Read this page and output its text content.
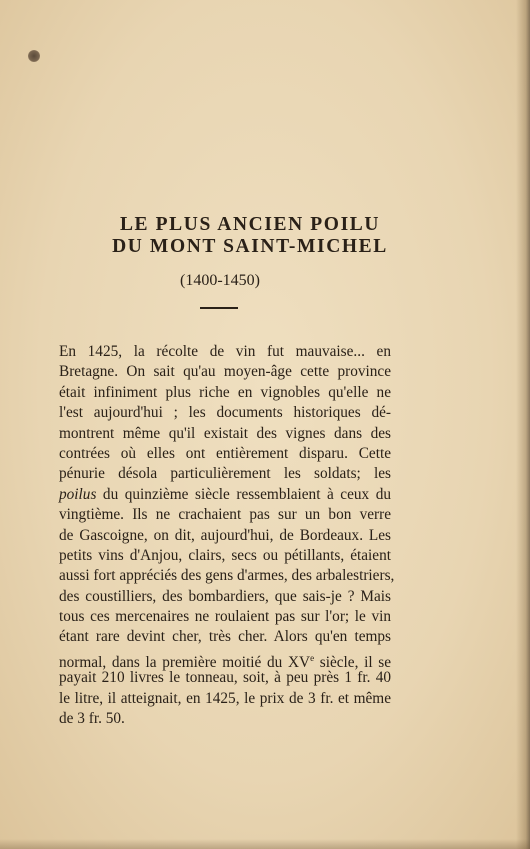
LE PLUS ANCIEN POILU
DU MONT SAINT-MICHEL
(1400-1450)
En 1425, la récolte de vin fut mauvaise... en
Bretagne. On sait qu'au moyen-âge cette province
était infiniment plus riche en vignobles qu'elle ne
l'est aujourd'hui ; les documents historiques dé-
montrent même qu'il existait des vignes dans des
contrées où elles ont entièrement disparu. Cette
pénurie désola particulièrement les soldats; les
poilus du quinzième siècle ressemblaient à ceux du
vingtième. Ils ne crachaient pas sur un bon verre
de Gascoigne, on dit, aujourd'hui, de Bordeaux. Les
petits vins d'Anjou, clairs, secs ou pétillants, étaient
aussi fort appréciés des gens d'armes, des arbalestriers,
des coustilliers, des bombardiers, que sais-je ? Mais
tous ces mercenaires ne roulaient pas sur l'or; le vin
étant rare devint cher, très cher. Alors qu'en temps
normal, dans la première moitié du XVe siècle, il se
payait 210 livres le tonneau, soit, à peu près 1 fr. 40
le litre, il atteignait, en 1425, le prix de 3 fr. et même
de 3 fr. 50.
